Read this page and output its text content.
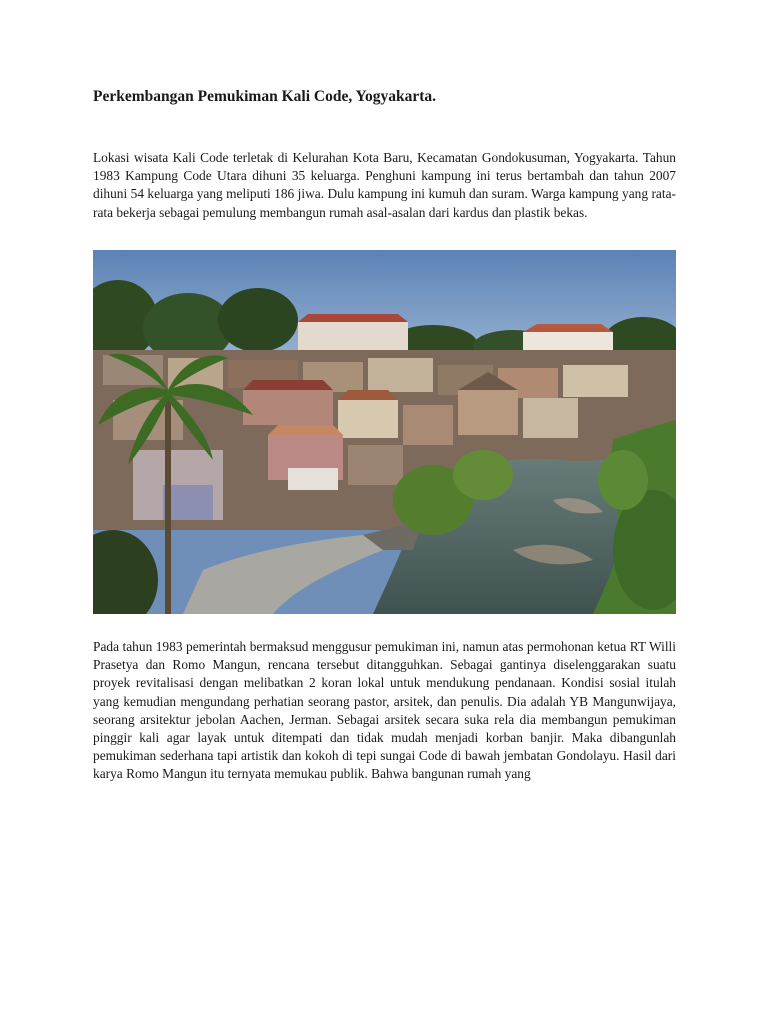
Perkembangan Pemukiman Kali Code, Yogyakarta.

Lokasi wisata Kali Code terletak di Kelurahan Kota Baru, Kecamatan Gondokusuman, Yogyakarta. Tahun 1983 Kampung Code Utara dihuni 35 keluarga. Penghuni kampung ini terus bertambah dan tahun 2007 dihuni 54 keluarga yang meliputi 186 jiwa. Dulu kampung ini kumuh dan suram. Warga kampung yang rata-rata bekerja sebagai pemulung membangun rumah asal-asalan dari kardus dan plastik bekas.

Pada tahun 1983 pemerintah bermaksud menggusur pemukiman ini, namun atas permohonan ketua RT Willi Prasetya dan Romo Mangun, rencana tersebut ditangguhkan. Sebagai gantinya diselenggarakan suatu proyek revitalisasi dengan melibatkan 2 koran lokal untuk mendukung pendanaan. Kondisi sosial itulah yang kemudian mengundang perhatian seorang pastor, arsitek, dan penulis. Dia adalah YB Mangunwijaya, seorang arsitektur jebolan Aachen, Jerman. Sebagai arsitek secara suka rela dia membangun pemukiman pinggir kali agar layak untuk ditempati dan tidak mudah menjadi korban banjir. Maka dibangunlah pemukiman sederhana tapi artistik dan kokoh di tepi sungai Code di bawah jembatan Gondolayu. Hasil dari karya Romo Mangun itu ternyata memukau publik. Bahwa bangunan rumah yang
